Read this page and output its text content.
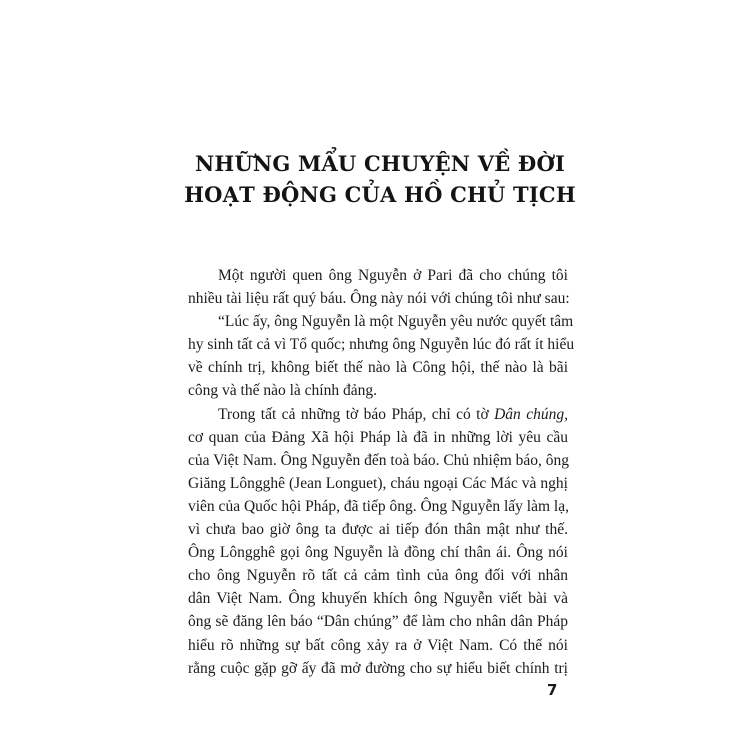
NHỮNG MẨU CHUYỆN VỀ ĐỜI
HOẠT ĐỘNG CỦA HỒ CHỦ TỊCH
Một người quen ông Nguyễn ở Pari đã cho chúng tôi
nhiều tài liệu rất quý báu. Ông này nói với chúng tôi như sau:
“Lúc ấy, ông Nguyễn là một Nguyễn yêu nước quyết tâm
hy sinh tất cả vì Tổ quốc; nhưng ông Nguyễn lúc đó rất ít hiểu
về chính trị, không biết thế nào là Công hội, thế nào là bãi
công và thế nào là chính đảng.
Trong tất cả những tờ báo Pháp, chỉ có tờ Dân chúng,
cơ quan của Đảng Xã hội Pháp là đã in những lời yêu cầu
của Việt Nam. Ông Nguyễn đến toà báo. Chủ nhiệm báo, ông
Giăng Lôngghê (Jean Longuet), cháu ngoại Các Mác và nghị
viên của Quốc hội Pháp, đã tiếp ông. Ông Nguyễn lấy làm lạ,
vì chưa bao giờ ông ta được ai tiếp đón thân mật như thế.
Ông Lôngghê gọi ông Nguyễn là đồng chí thân ái. Ông nói
cho ông Nguyễn rõ tất cả cảm tình của ông đối với nhân
dân Việt Nam. Ông khuyến khích ông Nguyễn viết bài và
ông sẽ đăng lên báo “Dân chúng” để làm cho nhân dân Pháp
hiểu rõ những sự bất công xảy ra ở Việt Nam. Có thể nói
rằng cuộc gặp gỡ ấy đã mở đường cho sự hiểu biết chính trị
7
